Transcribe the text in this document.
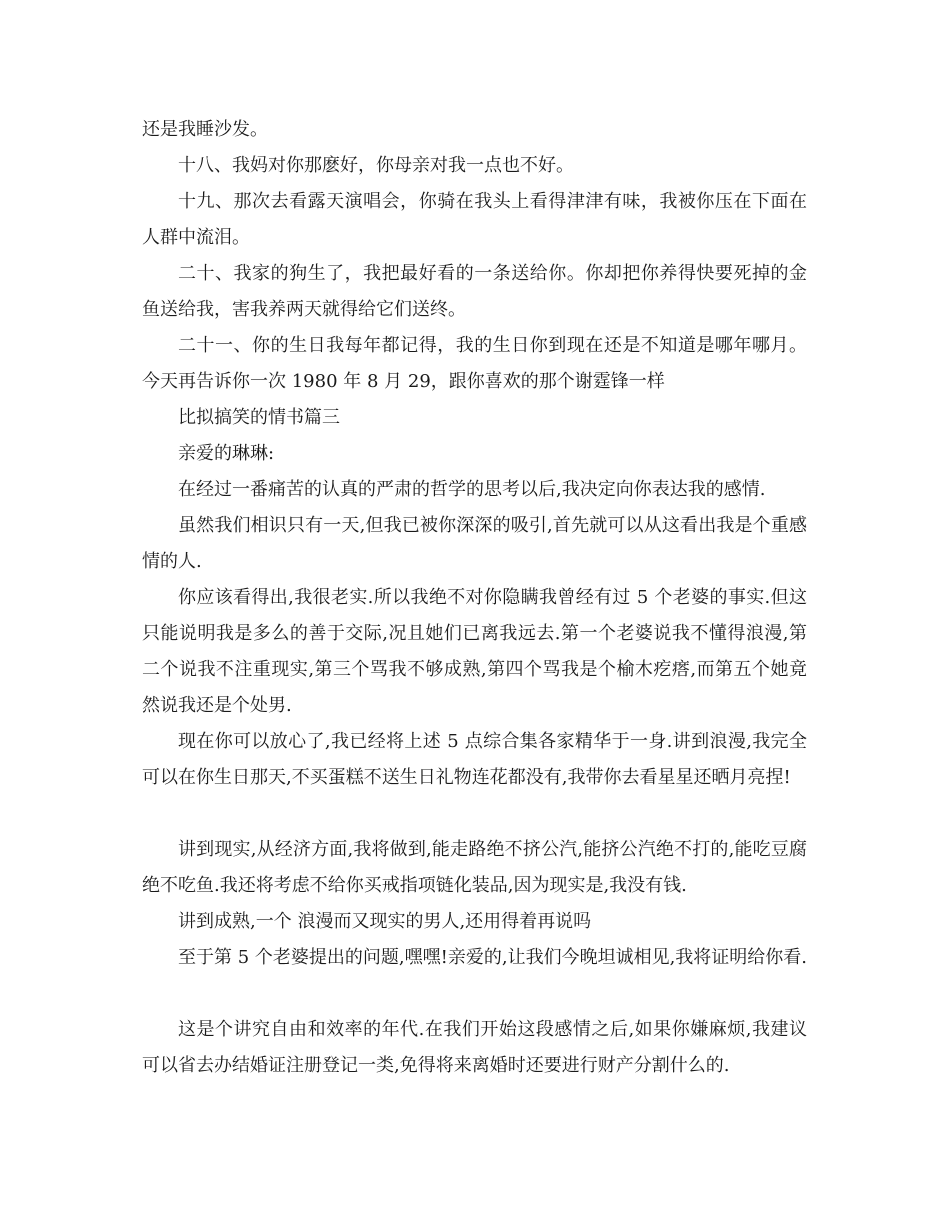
还是我睡沙发。

十八、我妈对你那麽好，你母亲对我一点也不好。

十九、那次去看露天演唱会，你骑在我头上看得津津有味，我被你压在下面在人群中流泪。

二十、我家的狗生了，我把最好看的一条送给你。你却把你养得快要死掉的金鱼送给我，害我养两天就得给它们送终。

二十一、你的生日我每年都记得，我的生日你到现在还是不知道是哪年哪月。今天再告诉你一次 1980 年 8 月 29，跟你喜欢的那个谢霆锋一样

比拟搞笑的情书篇三

亲爱的琳琳:

在经过一番痛苦的认真的严肃的哲学的思考以后,我决定向你表达我的感情.

虽然我们相识只有一天,但我已被你深深的吸引,首先就可以从这看出我是个重感情的人.

你应该看得出,我很老实.所以我绝不对你隐瞒我曾经有过 5 个老婆的事实.但这只能说明我是多么的善于交际,况且她们已离我远去.第一个老婆说我不懂得浪漫,第二个说我不注重现实,第三个骂我不够成熟,第四个骂我是个榆木疙瘩,而第五个她竟然说我还是个处男.

现在你可以放心了,我已经将上述 5 点综合集各家精华于一身.讲到浪漫,我完全可以在你生日那天,不买蛋糕不送生日礼物连花都没有,我带你去看星星还晒月亮捏!

讲到现实,从经济方面,我将做到,能走路绝不挤公汽,能挤公汽绝不打的,能吃豆腐绝不吃鱼.我还将考虑不给你买戒指项链化装品,因为现实是,我没有钱.

讲到成熟,一个 浪漫而又现实的男人,还用得着再说吗

至于第 5 个老婆提出的问题,嘿嘿!亲爱的,让我们今晚坦诚相见,我将证明给你看.

这是个讲究自由和效率的年代.在我们开始这段感情之后,如果你嫌麻烦,我建议可以省去办结婚证注册登记一类,免得将来离婚时还要进行财产分割什么的.
